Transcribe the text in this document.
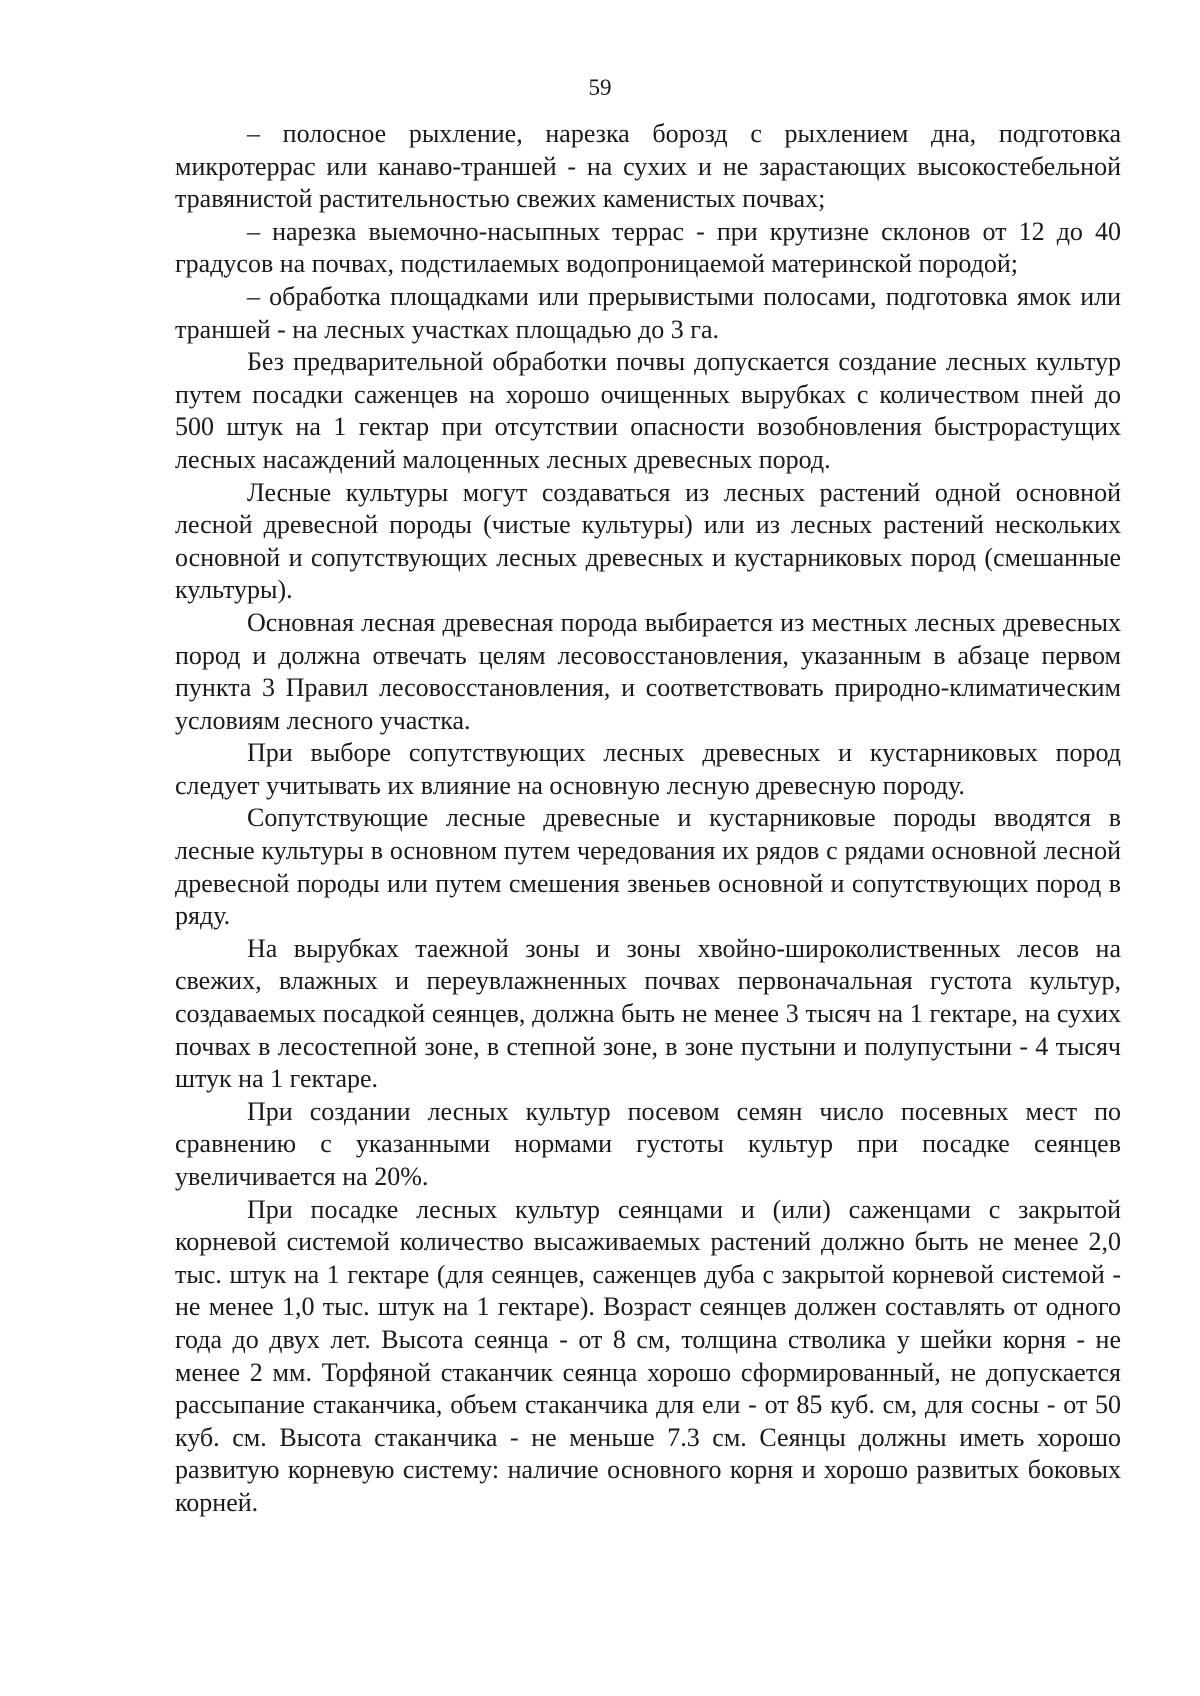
59

– полосное рыхление, нарезка борозд с рыхлением дна, подготовка микротеррас или канаво-траншей - на сухих и не зарастающих высокостебельной травянистой растительностью свежих каменистых почвах;

– нарезка выемочно-насыпных террас - при крутизне склонов от 12 до 40 градусов на почвах, подстилаемых водопроницаемой материнской породой;

– обработка площадками или прерывистыми полосами, подготовка ямок или траншей - на лесных участках площадью до 3 га.

Без предварительной обработки почвы допускается создание лесных культур путем посадки саженцев на хорошо очищенных вырубках с количеством пней до 500 штук на 1 гектар при отсутствии опасности возобновления быстрорастущих лесных насаждений малоценных лесных древесных пород.

Лесные культуры могут создаваться из лесных растений одной основной лесной древесной породы (чистые культуры) или из лесных растений нескольких основной и сопутствующих лесных древесных и кустарниковых пород (смешанные культуры).

Основная лесная древесная порода выбирается из местных лесных древесных пород и должна отвечать целям лесовосстановления, указанным в абзаце первом пункта 3 Правил лесовосстановления, и соответствовать природно-климатическим условиям лесного участка.

При выборе сопутствующих лесных древесных и кустарниковых пород следует учитывать их влияние на основную лесную древесную породу.

Сопутствующие лесные древесные и кустарниковые породы вводятся в лесные культуры в основном путем чередования их рядов с рядами основной лесной древесной породы или путем смешения звеньев основной и сопутствующих пород в ряду.

На вырубках таежной зоны и зоны хвойно-широколиственных лесов на свежих, влажных и переувлажненных почвах первоначальная густота культур, создаваемых посадкой сеянцев, должна быть не менее 3 тысяч на 1 гектаре, на сухих почвах в лесостепной зоне, в степной зоне, в зоне пустыни и полупустыни - 4 тысяч штук на 1 гектаре.

При создании лесных культур посевом семян число посевных мест по сравнению с указанными нормами густоты культур при посадке сеянцев увеличивается на 20%.

При посадке лесных культур сеянцами и (или) саженцами с закрытой корневой системой количество высаживаемых растений должно быть не менее 2,0 тыс. штук на 1 гектаре (для сеянцев, саженцев дуба с закрытой корневой системой - не менее 1,0 тыс. штук на 1 гектаре). Возраст сеянцев должен составлять от одного года до двух лет. Высота сеянца - от 8 см, толщина стволика у шейки корня - не менее 2 мм. Торфяной стаканчик сеянца хорошо сформированный, не допускается рассыпание стаканчика, объем стаканчика для ели - от 85 куб. см, для сосны - от 50 куб. см. Высота стаканчика - не меньше 7.3 см. Сеянцы должны иметь хорошо развитую корневую систему: наличие основного корня и хорошо развитых боковых корней.
